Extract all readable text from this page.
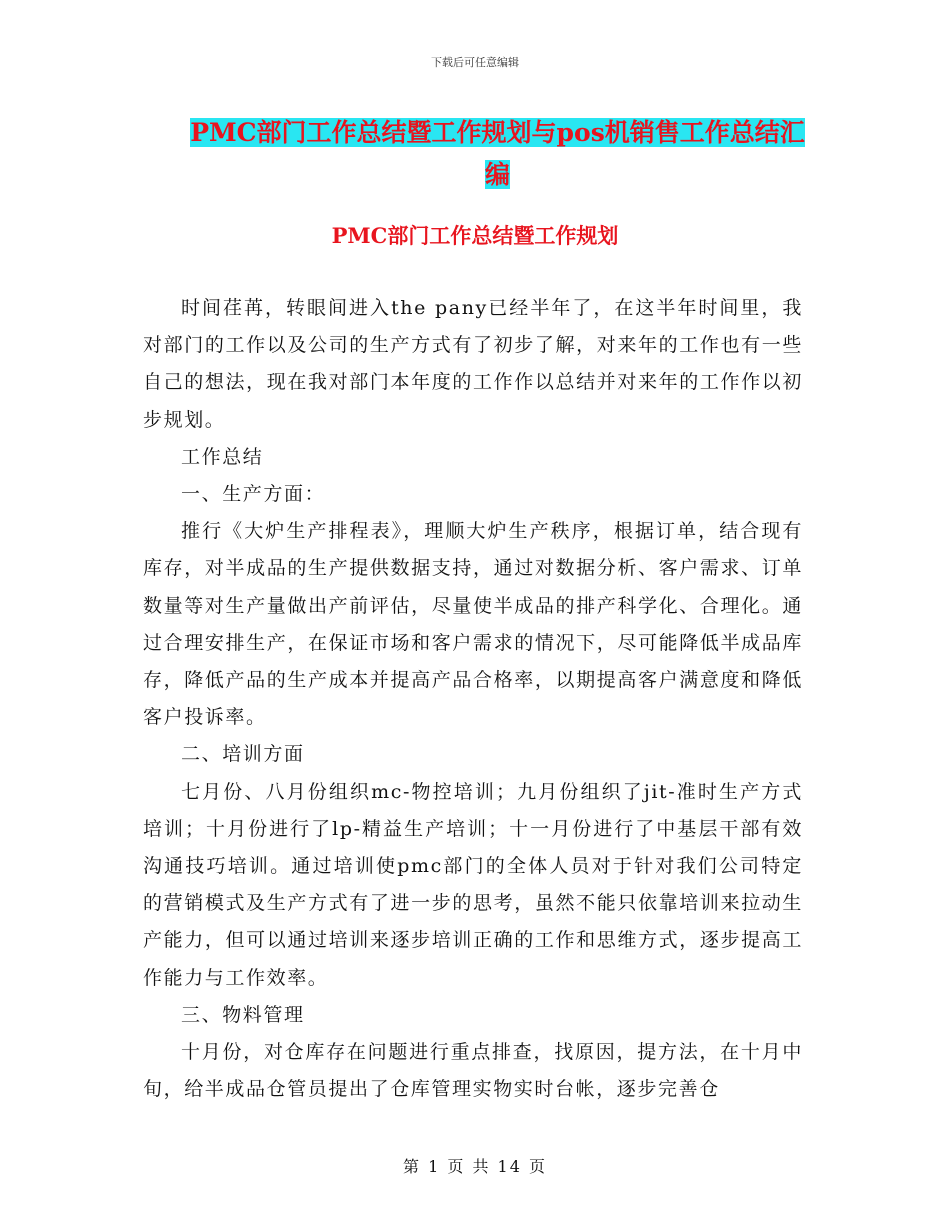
下载后可任意编辑
PMC部门工作总结暨工作规划与pos机销售工作总结汇
编
PMC部门工作总结暨工作规划

时间荏苒，转眼间进入the pany已经半年了，在这半年时间里，我对部门的工作以及公司的生产方式有了初步了解，对来年的工作也有一些自己的想法，现在我对部门本年度的工作作以总结并对来年的工作作以初步规划。

工作总结

一、生产方面：

推行《大炉生产排程表》，理顺大炉生产秩序，根据订单，结合现有库存，对半成品的生产提供数据支持，通过对数据分析、客户需求、订单数量等对生产量做出产前评估，尽量使半成品的排产科学化、合理化。通过合理安排生产，在保证市场和客户需求的情况下，尽可能降低半成品库存，降低产品的生产成本并提高产品合格率，以期提高客户满意度和降低客户投诉率。

二、培训方面

七月份、八月份组织mc-物控培训；九月份组织了jit-准时生产方式培训；十月份进行了lp-精益生产培训；十一月份进行了中基层干部有效沟通技巧培训。通过培训使pmc部门的全体人员对于针对我们公司特定的营销模式及生产方式有了进一步的思考，虽然不能只依靠培训来拉动生产能力，但可以通过培训来逐步培训正确的工作和思维方式，逐步提高工作能力与工作效率。

三、物料管理

十月份，对仓库存在问题进行重点排查，找原因，提方法，在十月中旬，给半成品仓管员提出了仓库管理实物实时台帐，逐步完善仓

第 1 页 共 14 页
